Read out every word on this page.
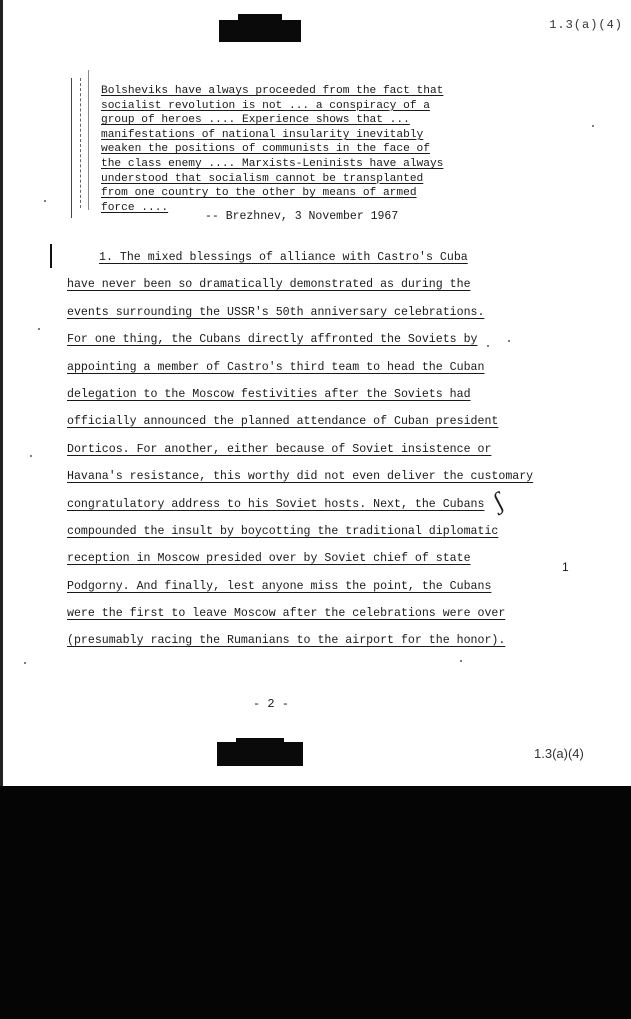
1.3(a)(4)
Bolsheviks have always proceeded from the fact that
socialist revolution is not ... a conspiracy of a
group of heroes .... Experience shows that ...
manifestations of national insularity inevitably
weaken the positions of communists in the face of
the class enemy .... Marxists-Leninists have always
understood that socialism cannot be transplanted
from one country to the other by means of armed
force ....
-- Brezhnev, 3 November 1967
1. The mixed blessings of alliance with Castro's Cuba
have never been so dramatically demonstrated as during the
events surrounding the USSR's 50th anniversary celebrations.
For one thing, the Cubans directly affronted the Soviets by
appointing a member of Castro's third team to head the Cuban
delegation to the Moscow festivities after the Soviets had
officially announced the planned attendance of Cuban president
Dorticos. For another, either because of Soviet insistence or
Havana's resistance, this worthy did not even deliver the customary
congratulatory address to his Soviet hosts. Next, the Cubans
compounded the insult by boycotting the traditional diplomatic
reception in Moscow presided over by Soviet chief of state
Podgorny. And finally, lest anyone miss the point, the Cubans
were the first to leave Moscow after the celebrations were over
(presumably racing the Rumanians to the airport for the honor).
ʃ
1
- 2 -
1.3(a)(4)
